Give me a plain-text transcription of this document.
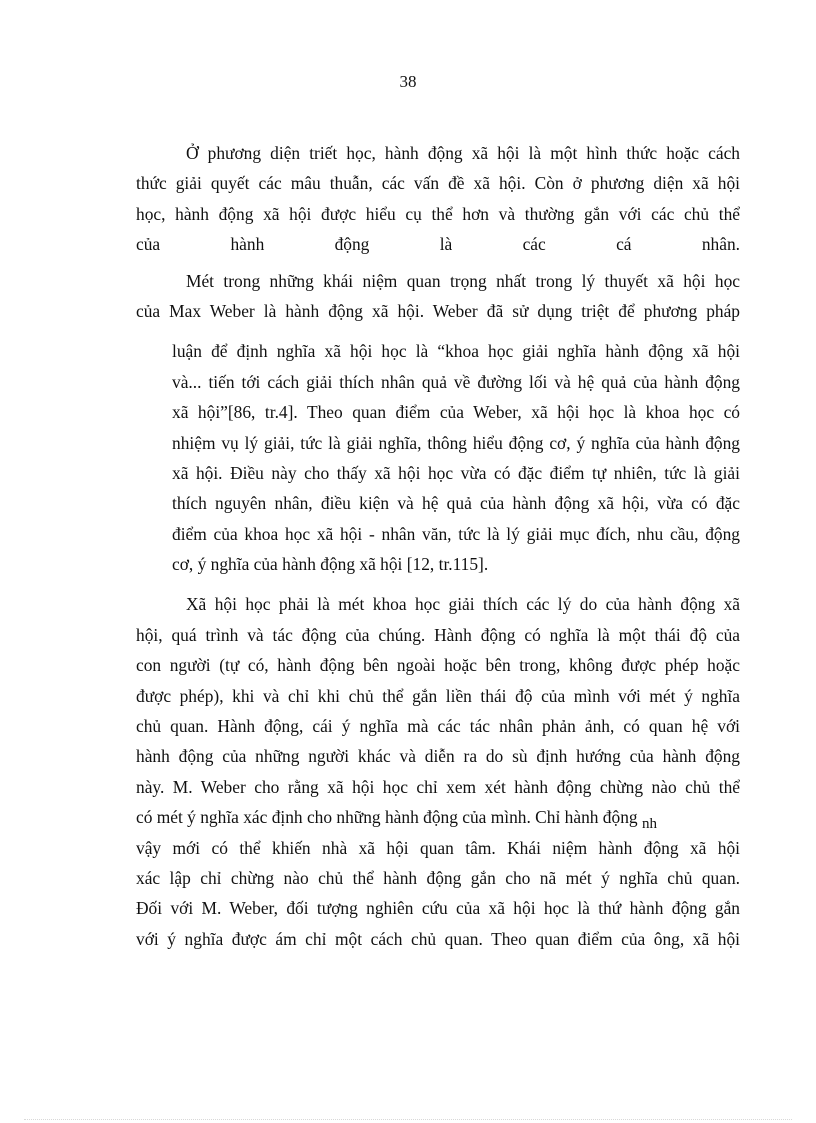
38
Ở phương diện triết học, hành động xã hội là một hình thức hoặc cách
thức giải quyết các mâu thuẫn, các vấn đề xã hội. Còn ở phương diện xã hội
học, hành động xã hội được hiểu cụ thể hơn và thường gắn với các chủ thể
của hành động là các cá nhân.
Mét trong những khái niệm quan trọng nhất trong lý thuyết xã hội học
của Max Weber là hành động xã hội. Weber đã sử dụng triệt để phương pháp
luận để định nghĩa xã hội học là “khoa học giải nghĩa hành động xã hội
và... tiến tới cách giải thích nhân quả về đường lối và hệ quả của hành động
xã hội”[86, tr.4]. Theo quan điểm của Weber, xã hội học là khoa học có
nhiệm vụ lý giải, tức là giải nghĩa, thông hiểu động cơ, ý nghĩa của hành động
xã hội. Điều này cho thấy xã hội học vừa có đặc điểm tự nhiên, tức là giải
thích nguyên nhân, điều kiện và hệ quả của hành động xã hội, vừa có đặc
điểm của khoa học xã hội - nhân văn, tức là lý giải mục đích, nhu cầu, động
cơ, ý nghĩa của hành động xã hội [12, tr.115].
Xã hội học phải là mét khoa học giải thích các lý do của hành động xã
hội, quá trình và tác động của chúng. Hành động có nghĩa là một thái độ của
con người (tự có, hành động bên ngoài hoặc bên trong, không được phép hoặc
được phép), khi và chỉ khi chủ thể gắn liền thái độ của mình với mét ý nghĩa
chủ quan. Hành động, cái ý nghĩa mà các tác nhân phản ảnh, có quan hệ với
hành động của những người khác và diễn ra do sù định hướng của hành động
này. M. Weber cho rằng xã hội học chỉ xem xét hành động chừng nào chủ thể
có mét ý nghĩa xác định cho những hành động của mình. Chỉ hành động nh
vậy mới có thể khiến nhà xã hội quan tâm. Khái niệm hành động xã hội
xác lập chỉ chừng nào chủ thể hành động gắn cho nã mét ý nghĩa chủ quan.
Đối với M. Weber, đối tượng nghiên cứu của xã hội học là thứ hành động gắn
với ý nghĩa được ám chỉ một cách chủ quan. Theo quan điểm của ông, xã hội
